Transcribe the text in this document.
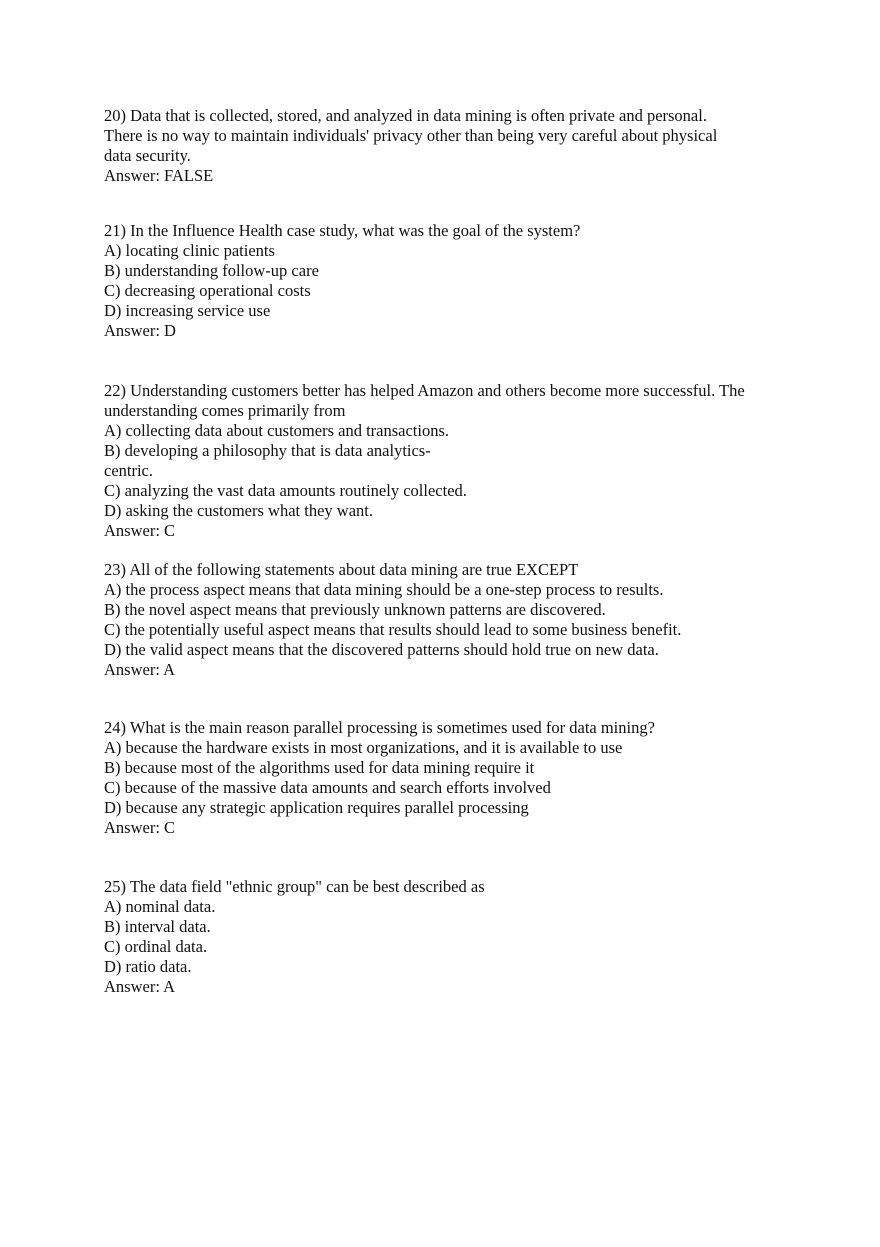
20) Data that is collected, stored, and analyzed in data mining is often private and personal.
There is no way to maintain individuals' privacy other than being very careful about physical
data security.
Answer: FALSE
21) In the Influence Health case study, what was the goal of the system?
A) locating clinic patients
B) understanding follow-up care
C) decreasing operational costs
D) increasing service use
Answer: D
22) Understanding customers better has helped Amazon and others become more successful. The
understanding comes primarily from
A) collecting data about customers and transactions.
B) developing a philosophy that is data analytics-
centric.
C) analyzing the vast data amounts routinely collected.
D) asking the customers what they want.
Answer: C
23) All of the following statements about data mining are true EXCEPT
A) the process aspect means that data mining should be a one-step process to results.
B) the novel aspect means that previously unknown patterns are discovered.
C) the potentially useful aspect means that results should lead to some business benefit.
D) the valid aspect means that the discovered patterns should hold true on new data.
Answer: A
24) What is the main reason parallel processing is sometimes used for data mining?
A) because the hardware exists in most organizations, and it is available to use
B) because most of the algorithms used for data mining require it
C) because of the massive data amounts and search efforts involved
D) because any strategic application requires parallel processing
Answer: C
25) The data field "ethnic group" can be best described as
A) nominal data.
B) interval data.
C) ordinal data.
D) ratio data.
Answer: A
